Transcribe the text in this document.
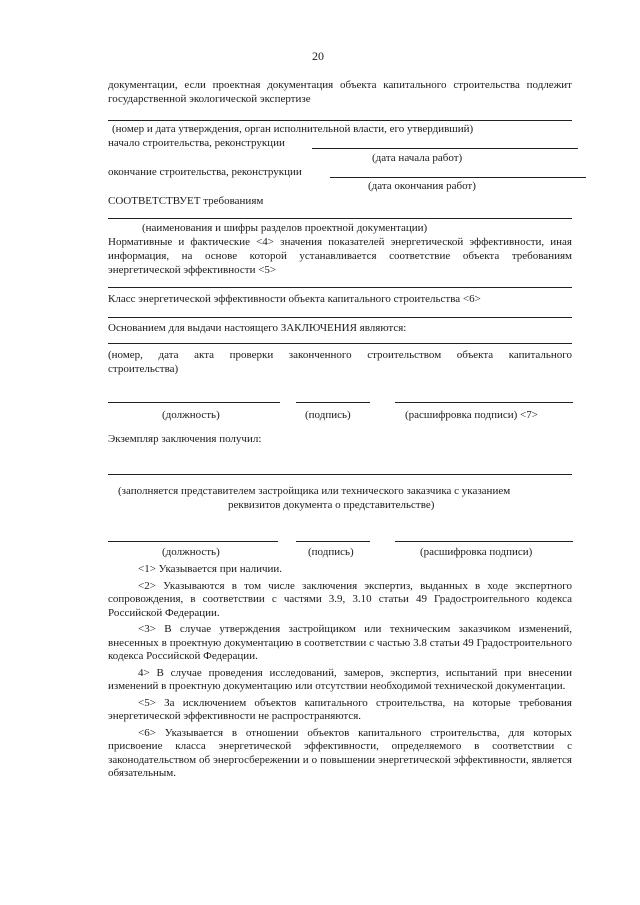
20
документации, если проектная документация объекта капитального строительства подлежит
государственной экологической экспертизе
(номер и дата утверждения, орган исполнительной власти, его утвердивший)
начало строительства, реконструкции
(дата начала работ)
окончание строительства, реконструкции
(дата окончания работ)
СООТВЕТСТВУЕТ требованиям
(наименования и шифры разделов проектной документации)
Нормативные и фактические <4> значения показателей энергетической эффективности, иная
информация, на основе которой устанавливается соответствие объекта требованиям
энергетической эффективности <5>
Класс энергетической эффективности объекта капитального строительства <6>
Основанием для выдачи настоящего ЗАКЛЮЧЕНИЯ являются:
(номер, дата акта проверки законченного строительством объекта капитального
строительства)
(должность)	(подпись)	(расшифровка подписи) <7>
Экземпляр заключения получил:
(заполняется представителем застройщика или технического заказчика с указанием
реквизитов документа о представительстве)
(должность)	(подпись)	(расшифровка подписи)

<1> Указывается при наличии.

<2> Указываются в том числе заключения экспертиз, выданных в ходе экспертного сопровождения, в соответствии с частями 3.9, 3.10 статьи 49 Градостроительного кодекса Российской Федерации.

<3> В случае утверждения застройщиком или техническим заказчиком изменений, внесенных в проектную документацию в соответствии с частью 3.8 статьи 49 Градостроительного кодекса Российской Федерации.

4> В случае проведения исследований, замеров, экспертиз, испытаний при внесении изменений в проектную документацию или отсутствии необходимой технической документации.

<5> За исключением объектов капитального строительства, на которые требования энергетической эффективности не распространяются.

<6> Указывается в отношении объектов капитального строительства, для которых присвоение класса энергетической эффективности, определяемого в соответствии с законодательством об энергосбережении и о повышении энергетической эффективности, является обязательным.
